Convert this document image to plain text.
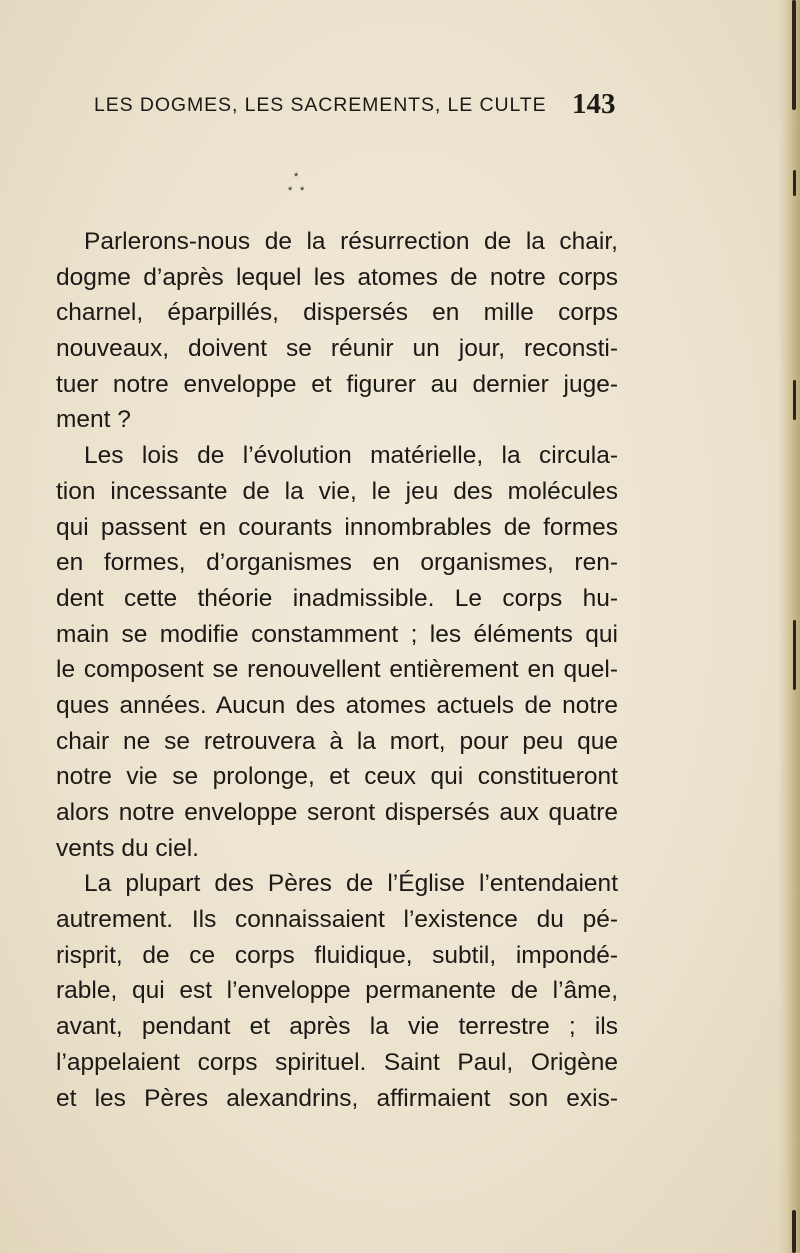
LES DOGMES, LES SACREMENTS, LE CULTE 143
*
* *
Parlerons-nous de la résurrection de la chair,
dogme d’après lequel les atomes de notre corps
charnel, éparpillés, dispersés en mille corps
nouveaux, doivent se réunir un jour, reconsti-
tuer notre enveloppe et figurer au dernier juge-
ment ?
Les lois de l’évolution matérielle, la circula-
tion incessante de la vie, le jeu des molécules
qui passent en courants innombrables de formes
en formes, d’organismes en organismes, ren-
dent cette théorie inadmissible. Le corps hu-
main se modifie constamment ; les éléments qui
le composent se renouvellent entièrement en quel-
ques années. Aucun des atomes actuels de notre
chair ne se retrouvera à la mort, pour peu que
notre vie se prolonge, et ceux qui constitueront
alors notre enveloppe seront dispersés aux quatre
vents du ciel.
La plupart des Pères de l’Église l’entendaient
autrement. Ils connaissaient l’existence du pé-
risprit, de ce corps fluidique, subtil, impondé-
rable, qui est l’enveloppe permanente de l’âme,
avant, pendant et après la vie terrestre ; ils
l’appelaient corps spirituel. Saint Paul, Origène
et les Pères alexandrins, affirmaient son exis-
